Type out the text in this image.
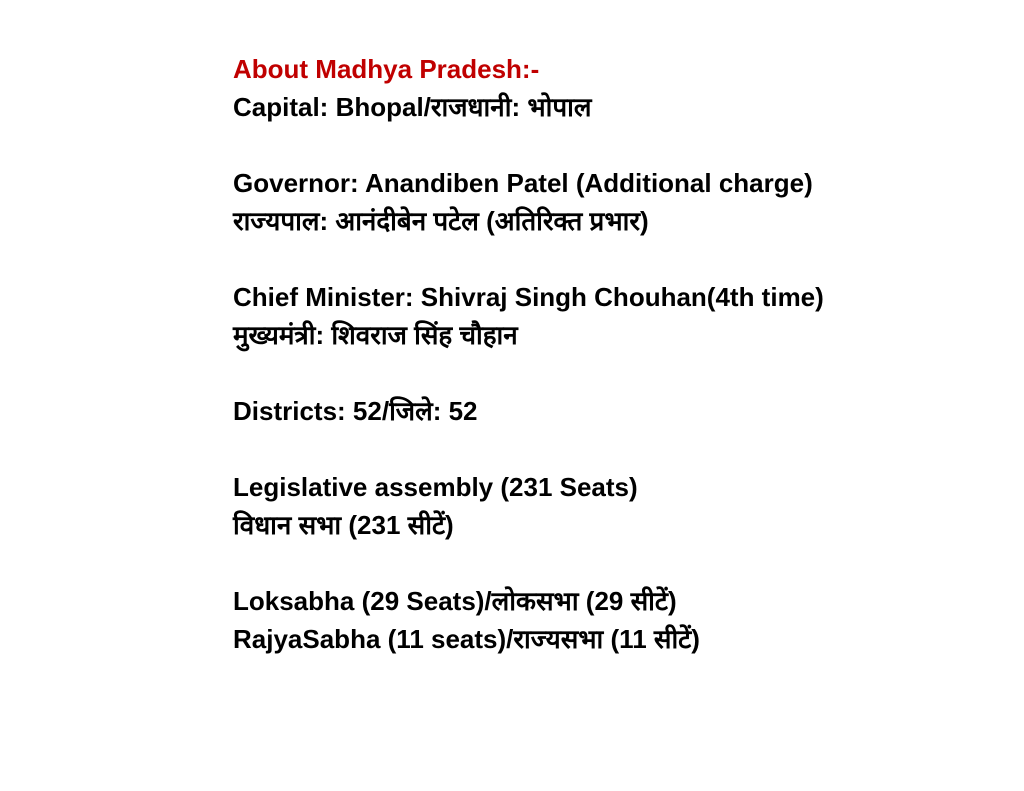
About Madhya Pradesh:-
Capital: Bhopal/राजधानी: भोपाल
Governor: Anandiben Patel (Additional charge)
राज्यपाल: आनंदीबेन पटेल (अतिरिक्त प्रभार)
Chief Minister: Shivraj Singh Chouhan(4th time)
मुख्यमंत्री: शिवराज सिंह चौहान
Districts: 52/जिले: 52
Legislative assembly (231 Seats)
विधान सभा (231 सीटें)
Loksabha (29 Seats)/लोकसभा (29 सीटें)
RajyaSabha (11 seats)/राज्यसभा (11 सीटें)
